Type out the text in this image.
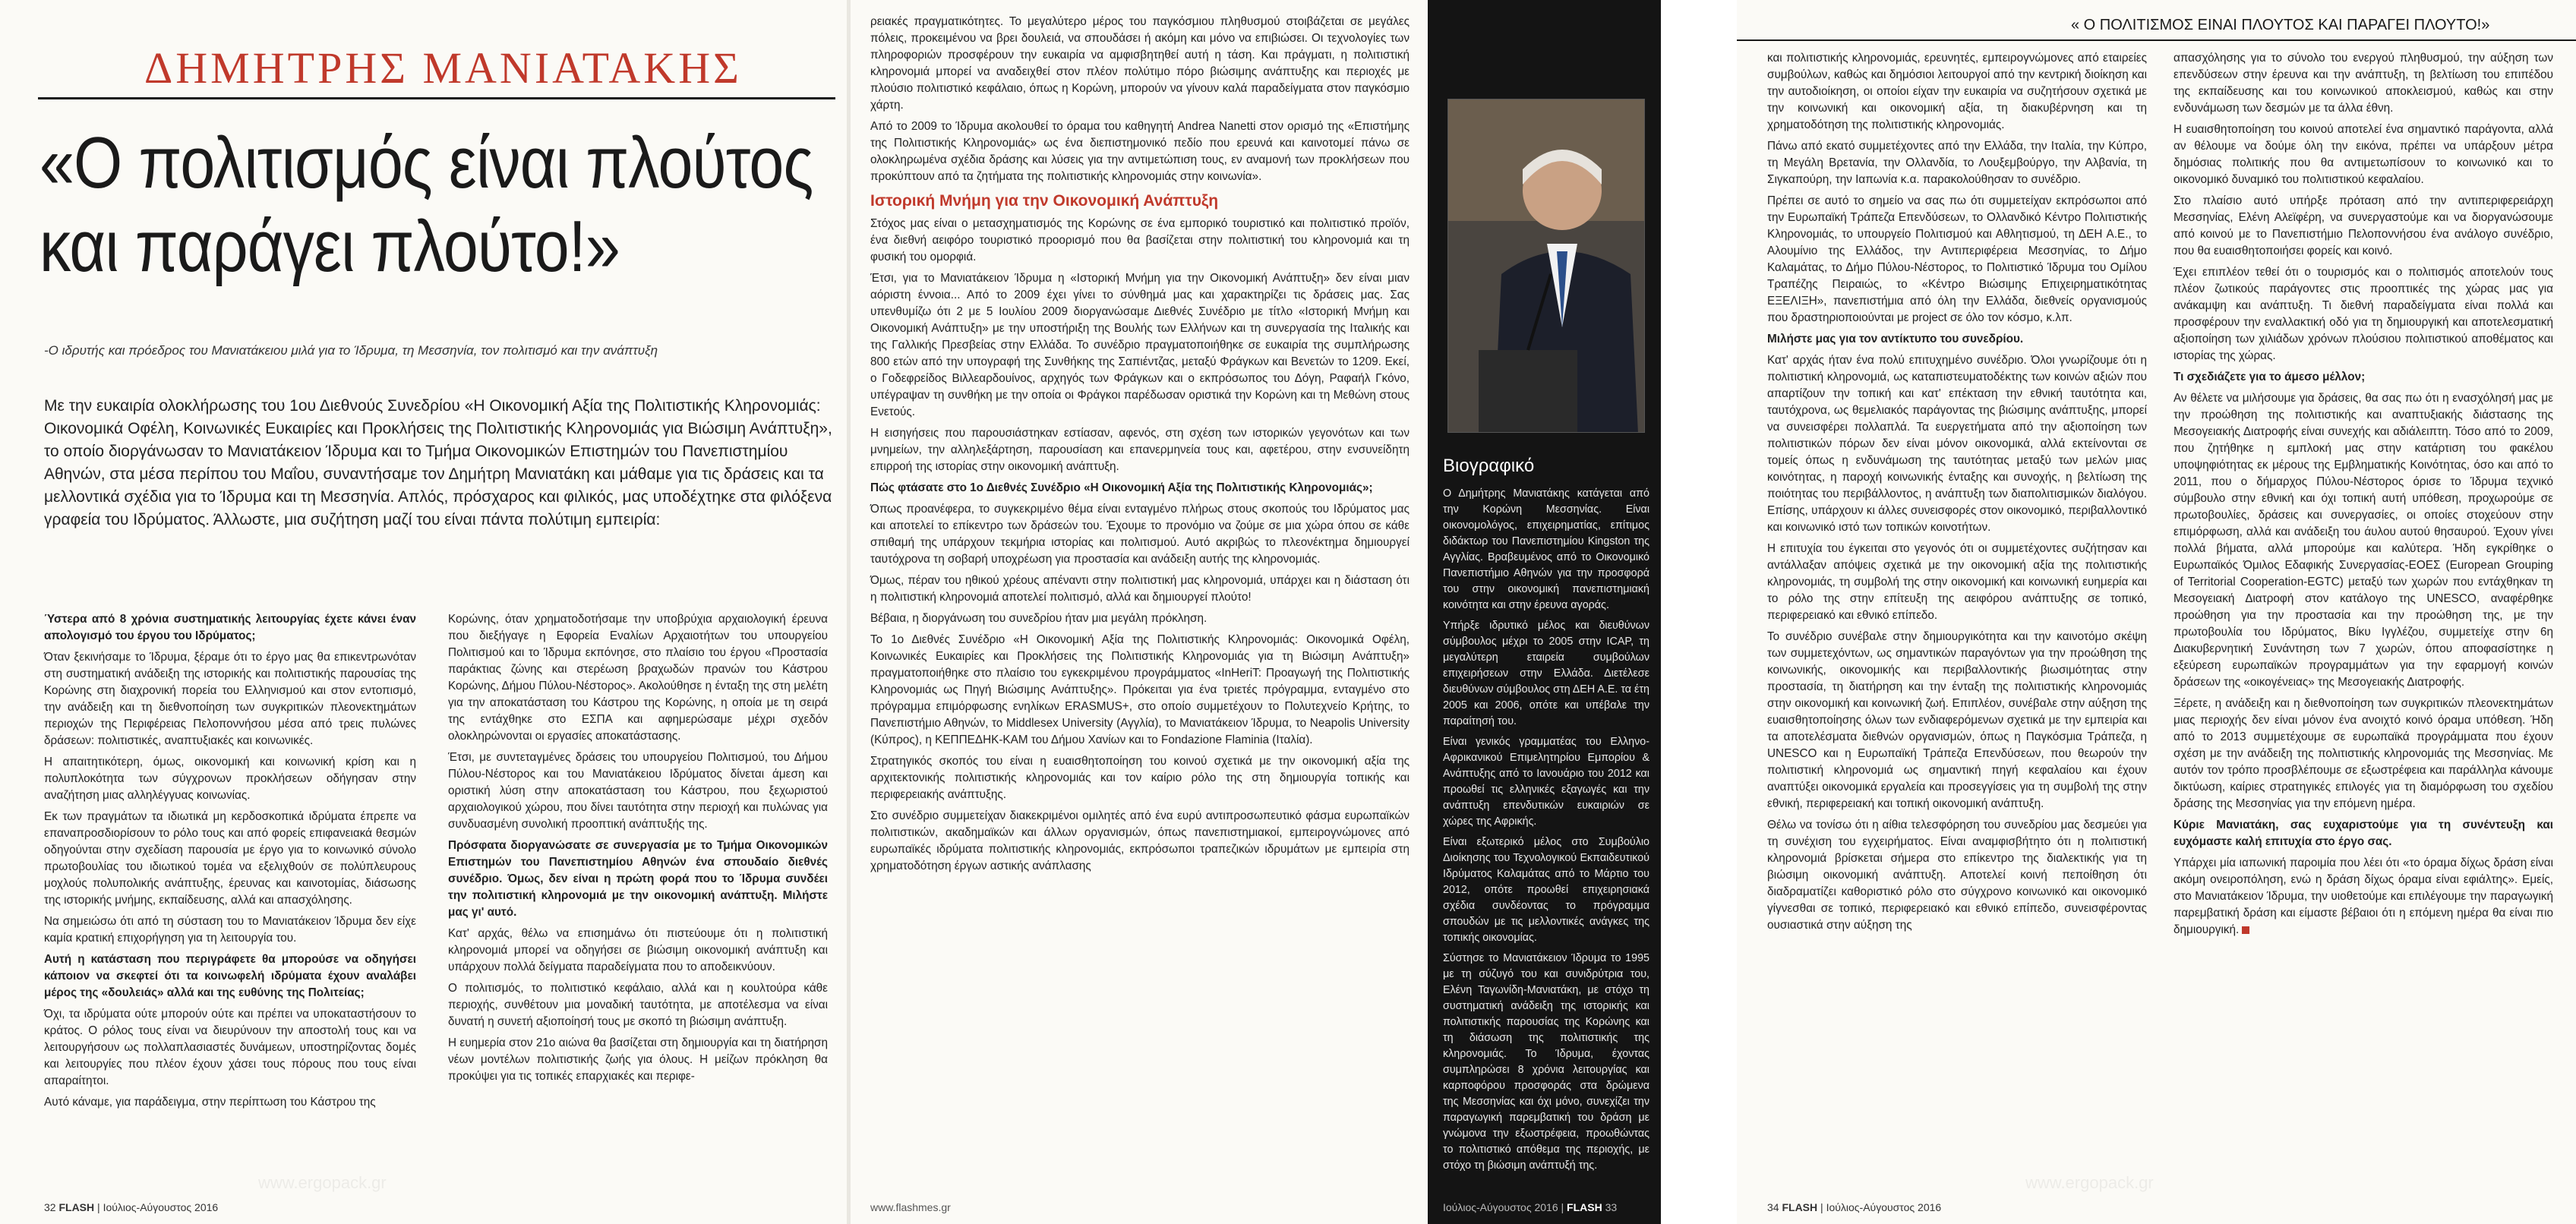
ΔΗΜΗΤΡΗΣ ΜΑΝΙΑΤΑΚΗΣ
«Ο πολιτισμός είναι πλούτος
και παράγει πλούτο!»
-Ο ιδρυτής και πρόεδρος του Μανιατάκειου μιλά για το Ίδρυμα, τη Μεσσηνία, τον πολιτισμό και την ανάπτυξη
Με την ευκαιρία ολοκλήρωσης του 1ου Διεθνούς Συνεδρίου «Η Οικονομική Αξία της Πολιτιστικής Κληρονομιάς: Οικονομικά Οφέλη, Κοινωνικές Ευκαιρίες και Προκλήσεις της Πολιτιστικής Κληρονομιάς για Βιώσιμη Ανάπτυξη», το οποίο διοργάνωσαν το Μανιατάκειον Ίδρυμα και το Τμήμα Οικονομικών Επιστημών του Πανεπιστημίου Αθηνών, στα μέσα περίπου του Μαΐου, συναντήσαμε τον Δημήτρη Μανιατάκη και μάθαμε για τις δράσεις και τα μελλοντικά σχέδια για το Ίδρυμα και τη Μεσσηνία. Απλός, πρόσχαρος και φιλικός, μας υποδέχτηκε στα φιλόξενα γραφεία του Ιδρύματος. Άλλωστε, μια συζήτηση μαζί του είναι πάντα πολύτιμη εμπειρία:

Ύστερα από 8 χρόνια συστηματικής λειτουργίας έχετε κάνει έναν απολογισμό του έργου του Ιδρύματος;

Όταν ξεκινήσαμε το Ίδρυμα, ξέραμε ότι το έργο μας θα επικεντρωνόταν στη συστηματική ανάδειξη της ιστορικής και πολιτιστικής παρουσίας της Κορώνης στη διαχρονική πορεία του Ελληνισμού και στον εντοπισμό, την ανάδειξη και τη διεθνοποίηση των συγκριτικών πλεονεκτημάτων περιοχών της Περιφέρειας Πελοποννήσου μέσα από τρεις πυλώνες δράσεων: πολιτιστικές, αναπτυξιακές και κοινωνικές.

Η απαιτητικότερη, όμως, οικονομική και κοινωνική κρίση και η πολυπλοκότητα των σύγχρονων προκλήσεων οδήγησαν στην αναζήτηση μιας αλληλέγγυας κοινωνίας.

Εκ των πραγμάτων τα ιδιωτικά μη κερδοσκοπικά ιδρύματα έπρεπε να επαναπροσδιορίσουν το ρόλο τους και από φορείς επιφανειακά θεσμών οδηγούνται στην σχεδίαση παρουσία με έργο για το κοινωνικό σύνολο πρωτοβουλίας του ιδιωτικού τομέα να εξελιχθούν σε πολύπλευρους μοχλούς πολυπολικής ανάπτυξης, έρευνας και καινοτομίας, διάσωσης της ιστορικής μνήμης, εκπαίδευσης, αλλά και απασχόλησης.

Να σημειώσω ότι από τη σύσταση του το Μανιατάκειον Ίδρυμα δεν είχε καμία κρατική επιχορήγηση για τη λειτουργία του.

Αυτή η κατάσταση που περιγράφετε θα μπορούσε να οδηγήσει κάποιον να σκεφτεί ότι τα κοινωφελή ιδρύματα έχουν αναλάβει μέρος της «δουλειάς» αλλά και της ευθύνης της Πολιτείας;

Όχι, τα ιδρύματα ούτε μπορούν ούτε και πρέπει να υποκαταστήσουν το κράτος. Ο ρόλος τους είναι να διευρύνουν την αποστολή τους και να λειτουργήσουν ως πολλαπλασιαστές δυνάμεων, υποστηρίζοντας δομές και λειτουργίες που πλέον έχουν χάσει τους πόρους που τους είναι απαραίτητοι.

Αυτό κάναμε, για παράδειγμα, στην περίπτωση του Κάστρου της

Κορώνης, όταν χρηματοδοτήσαμε την υποβρύχια αρχαιολογική έρευνα που διεξήγαγε η Εφορεία Εναλίων Αρχαιοτήτων του υπουργείου Πολιτισμού και το Ίδρυμα εκπόνησε, στο πλαίσιο του έργου «Προστασία παράκτιας ζώνης και στερέωση βραχωδών πρανών του Κάστρου Κορώνης, Δήμου Πύλου-Νέστορος». Ακολούθησε η ένταξη της στη μελέτη για την αποκατάσταση του Κάστρου της Κορώνης, η οποία με τη σειρά της εντάχθηκε στο ΕΣΠΑ και αφημερώσαμε μέχρι σχεδόν ολοκληρώνονται οι εργασίες αποκατάστασης.

Έτσι, με συντεταγμένες δράσεις του υπουργείου Πολιτισμού, του Δήμου Πύλου-Νέστορος και του Μανιατάκειου Ιδρύματος δίνεται άμεση και οριστική λύση στην αποκατάσταση του Κάστρου, που ξεχωριστού αρχαιολογικού χώρου, που δίνει ταυτότητα στην περιοχή και πυλώνας για συνδυασμένη συνολική προοπτική ανάπτυξής της.

Πρόσφατα διοργανώσατε σε συνεργασία με το Τμήμα Οικονομικών Επιστημών του Πανεπιστημίου Αθηνών ένα σπουδαίο διεθνές συνέδριο. Όμως, δεν είναι η πρώτη φορά που το Ίδρυμα συνδέει την πολιτιστική κληρονομιά με την οικονομική ανάπτυξη. Μιλήστε μας γι' αυτό.

Κατ' αρχάς, θέλω να επισημάνω ότι πιστεύουμε ότι η πολιτιστική κληρονομιά μπορεί να οδηγήσει σε βιώσιμη οικονομική ανάπτυξη και υπάρχουν πολλά δείγματα παραδείγματα που το αποδεικνύουν.

Ο πολιτισμός, το πολιτιστικό κεφάλαιο, αλλά και η κουλτούρα κάθε περιοχής, συνθέτουν μια μοναδική ταυτότητα, με αποτέλεσμα να είναι δυνατή η συνετή αξιοποίησή τους με σκοπό τη βιώσιμη ανάπτυξη.

Η ευημερία στον 21ο αιώνα θα βασίζεται στη δημιουργία και τη διατήρηση νέων μοντέλων πολιτιστικής ζωής για όλους. Η μείζων πρόκληση θα προκύψει για τις τοπικές επαρχιακές και περιφε-

www.ergopack.gr
32 FLASH | Ιούλιος-Αύγουστος 2016

ρειακές πραγματικότητες. Το μεγαλύτερο μέρος του παγκόσμιου πληθυσμού στοιβάζεται σε μεγάλες πόλεις, προκειμένου να βρει δουλειά, να σπουδάσει ή ακόμη και μόνο να επιβιώσει. Οι τεχνολογίες των πληροφοριών προσφέρουν την ευκαιρία να αμφισβητηθεί αυτή η τάση. Και πράγματι, η πολιτιστική κληρονομιά μπορεί να αναδειχθεί στον πλέον πολύτιμο πόρο βιώσιμης ανάπτυξης και περιοχές με πλούσιο πολιτιστικό κεφάλαιο, όπως η Κορώνη, μπορούν να γίνουν καλά παραδείγματα στον παγκόσμιο χάρτη.

Από το 2009 το Ίδρυμα ακολουθεί το όραμα του καθηγητή Andrea Nanetti στον ορισμό της «Επιστήμης της Πολιτιστικής Κληρονομιάς» ως ένα διεπιστημονικό πεδίο που ερευνά και καινοτομεί πάνω σε ολοκληρωμένα σχέδια δράσης και λύσεις για την αντιμετώπιση τους, εν αναμονή των προκλήσεων που προκύπτουν από τα ζητήματα της πολιτιστικής κληρονομιάς στην κοινωνία».

Ιστορική Μνήμη για την Οικονομική Ανάπτυξη

Στόχος μας είναι ο μετασχηματισμός της Κορώνης σε ένα εμπορικό τουριστικό και πολιτιστικό προϊόν, ένα διεθνή αειφόρο τουριστικό προορισμό που θα βασίζεται στην πολιτιστική του κληρονομιά και τη φυσική του ομορφιά.

Έτσι, για το Μανιατάκειον Ίδρυμα η «Ιστορική Μνήμη για την Οικονομική Ανάπτυξη» δεν είναι μιαν αόριστη έννοια... Από το 2009 έχει γίνει το σύνθημά μας και χαρακτηρίζει τις δράσεις μας. Σας υπενθυμίζω ότι 2 με 5 Ιουλίου 2009 διοργανώσαμε Διεθνές Συνέδριο με τίτλο «Ιστορική Μνήμη και Οικονομική Ανάπτυξη» με την υποστήριξη της Βουλής των Ελλήνων και τη συνεργασία της Ιταλικής και της Γαλλικής Πρεσβείας στην Ελλάδα. Το συνέδριο πραγματοποιήθηκε σε ευκαιρία της συμπλήρωσης 800 ετών από την υπογραφή της Συνθήκης της Σαπιέντζας, μεταξύ Φράγκων και Βενετών το 1209. Εκεί, ο Γοδεφρείδος Βιλλεαρδουίνος, αρχηγός των Φράγκων και ο εκπρόσωπος του Δόγη, Ραφαήλ Γκόνο, υπέγραψαν τη συνθήκη με την οποία οι Φράγκοι παρέδωσαν οριστικά την Κορώνη και τη Μεθώνη στους Ενετούς.

Η εισηγήσεις που παρουσιάστηκαν εστίασαν, αφενός, στη σχέση των ιστορικών γεγονότων και των μνημείων, την αλληλεξάρτηση, παρουσίαση και επανερμηνεία τους και, αφετέρου, στην ενσυνείδητη επιρροή της ιστορίας στην οικονομική ανάπτυξη.

Πώς φτάσατε στο 1ο Διεθνές Συνέδριο «Η Οικονομική Αξία της Πολιτιστικής Κληρονομιάς»;

Όπως προανέφερα, το συγκεκριμένο θέμα είναι ενταγμένο πλήρως στους σκοπούς του Ιδρύματος μας και αποτελεί το επίκεντρο των δράσεών του. Έχουμε το προνόμιο να ζούμε σε μια χώρα όπου σε κάθε σπιθαμή της υπάρχουν τεκμήρια ιστορίας και πολιτισμού. Αυτό ακριβώς το πλεονέκτημα δημιουργεί ταυτόχρονα τη σοβαρή υποχρέωση για προστασία και ανάδειξη αυτής της κληρονομιάς.

Όμως, πέραν του ηθικού χρέους απέναντι στην πολιτιστική μας κληρονομιά, υπάρχει και η διάσταση ότι η πολιτιστική κληρονομιά αποτελεί πολιτισμό, αλλά και δημιουργεί πλούτο!

Βέβαια, η διοργάνωση του συνεδρίου ήταν μια μεγάλη πρόκληση.

Το 1ο Διεθνές Συνέδριο «Η Οικονομική Αξία της Πολιτιστικής Κληρονομιάς: Οικονομικά Οφέλη, Κοινωνικές Ευκαιρίες και Προκλήσεις της Πολιτιστικής Κληρονομιάς για τη Βιώσιμη Ανάπτυξη» πραγματοποιήθηκε στο πλαίσιο του εγκεκριμένου προγράμματος «InHeriT: Προαγωγή της Πολιτιστικής Κληρονομιάς ως Πηγή Βιώσιμης Ανάπτυξης». Πρόκειται για ένα τριετές πρόγραμμα, ενταγμένο στο πρόγραμμα επιμόρφωσης ενηλίκων ERASMUS+, στο οποίο συμμετέχουν το Πολυτεχνείο Κρήτης, το Πανεπιστήμιο Αθηνών, το Middlesex University (Αγγλία), το Μανιατάκειον Ίδρυμα, το Neapolis University (Κύπρος), η ΚΕΠΠΕΔΗΚ-ΚΑΜ του Δήμου Χανίων και το Fondazione Flaminia (Ιταλία).

Στρατηγικός σκοπός του είναι η ευαισθητοποίηση του κοινού σχετικά με την οικονομική αξία της αρχιτεκτονικής πολιτιστικής κληρονομιάς και τον καίριο ρόλο της στη δημιουργία τοπικής και περιφερειακής ανάπτυξης.

Στο συνέδριο συμμετείχαν διακεκριμένοι ομιλητές από ένα ευρύ αντιπροσωπευτικό φάσμα ευρωπαϊκών πολιτιστικών, ακαδημαϊκών και άλλων οργανισμών, όπως πανεπιστημιακοί, εμπειρογνώμονες από ευρωπαϊκές ιδρύματα πολιτιστικής κληρονομιάς, εκπρόσωποι τραπεζικών ιδρυμάτων με εμπειρία στη χρηματοδότηση έργων αστικής ανάπλασης

Βιογραφικό

Ο Δημήτρης Μανιατάκης κατάγεται από την Κορώνη Μεσσηνίας. Είναι οικονομολόγος, επιχειρηματίας, επίτιμος διδάκτωρ του Πανεπιστημίου Kingston της Αγγλίας. Βραβευμένος από το Οικονομικό Πανεπιστήμιο Αθηνών για την προσφορά του στην οικονομική πανεπιστημιακή κοινότητα και στην έρευνα αγοράς.

Υπήρξε ιδρυτικό μέλος και διευθύνων σύμβουλος μέχρι το 2005 στην ICAP, τη μεγαλύτερη εταιρεία συμβούλων επιχειρήσεων στην Ελλάδα. Διετέλεσε διευθύνων σύμβουλος στη ΔΕΗ Α.Ε. τα έτη 2005 και 2006, οπότε και υπέβαλε την παραίτησή του.

Είναι γενικός γραμματέας του Ελληνο-Αφρικανικού Επιμελητηρίου Εμπορίου & Ανάπτυξης από το Ιανουάριο του 2012 και προωθεί τις ελληνικές εξαγωγές και την ανάπτυξη επενδυτικών ευκαιριών σε χώρες της Αφρικής.

Είναι εξωτερικό μέλος στο Συμβούλιο Διοίκησης του Τεχνολογικού Εκπαιδευτικού Ιδρύματος Καλαμάτας από το Μάρτιο του 2012, οπότε προωθεί επιχειρησιακά σχέδια συνδέοντας το πρόγραμμα σπουδών με τις μελλοντικές ανάγκες της τοπικής οικονομίας.

Σύστησε το Μανιατάκειον Ίδρυμα το 1995 με τη σύζυγό του και συνιδρύτρια του, Ελένη Ταγωνίδη-Μανιατάκη, με στόχο τη συστηματική ανάδειξη της ιστορικής και πολιτιστικής παρουσίας της Κορώνης και τη διάσωση της πολιτιστικής της κληρονομιάς. Το Ίδρυμα, έχοντας συμπληρώσει 8 χρόνια λειτουργίας και καρποφόρου προσφοράς στα δρώμενα της Μεσσηνίας και όχι μόνο, συνεχίζει την παραγωγική παρεμβατική του δράση με γνώμονα την εξωστρέφεια, προωθώντας το πολιτιστικό απόθεμα της περιοχής, με στόχο τη βιώσιμη ανάπτυξή της.

Ιούλιος-Αύγουστος 2016 | FLASH 33
www.flashmes.gr
« Ο ΠΟΛΙΤΙΣΜΟΣ ΕΙΝΑΙ ΠΛΟΥΤΟΣ ΚΑΙ ΠΑΡΑΓΕΙ ΠΛΟΥΤΟ!»

και πολιτιστικής κληρονομιάς, ερευνητές, εμπειρογνώμονες από εταιρείες συμβούλων, καθώς και δημόσιοι λειτουργοί από την κεντρική διοίκηση και την αυτοδιοίκηση, οι οποίοι είχαν την ευκαιρία να συζητήσουν σχετικά με την κοινωνική και οικονομική αξία, τη διακυβέρνηση και τη χρηματοδότηση της πολιτιστικής κληρονομιάς.

Πάνω από εκατό συμμετέχοντες από την Ελλάδα, την Ιταλία, την Κύπρο, τη Μεγάλη Βρετανία, την Ολλανδία, το Λουξεμβούργο, την Αλβανία, τη Σιγκαπούρη, την Ιαπωνία κ.α. παρακολούθησαν το συνέδριο.

Πρέπει σε αυτό το σημείο να σας πω ότι συμμετείχαν εκπρόσωποι από την Ευρωπαϊκή Τράπεζα Επενδύσεων, το Ολλανδικό Κέντρο Πολιτιστικής Κληρονομιάς, το υπουργείο Πολιτισμού και Αθλητισμού, τη ΔΕΗ Α.Ε., το Αλουμίνιο της Ελλάδος, την Αντιπεριφέρεια Μεσσηνίας, το Δήμο Καλαμάτας, το Δήμο Πύλου-Νέστορος, το Πολιτιστικό Ίδρυμα του Ομίλου Τραπέζης Πειραιώς, το «Κέντρο Βιώσιμης Επιχειρηματικότητας ΕΞΕΛΙΞΗ», πανεπιστήμια από όλη την Ελλάδα, διεθνείς οργανισμούς που δραστηριοποιούνται με project σε όλο τον κόσμο, κ.λπ.

Μιλήστε μας για τον αντίκτυπο του συνεδρίου.

Κατ' αρχάς ήταν ένα πολύ επιτυχημένο συνέδριο. Όλοι γνωρίζουμε ότι η πολιτιστική κληρονομιά, ως καταπιστευματοδέκτης των κοινών αξιών που απαρτίζουν την τοπική και κατ' επέκταση την εθνική ταυτότητα και, ταυτόχρονα, ως θεμελιακός παράγοντας της βιώσιμης ανάπτυξης, μπορεί να συνεισφέρει πολλαπλά. Τα ευεργετήματα από την αξιοποίηση των πολιτιστικών πόρων δεν είναι μόνον οικονομικά, αλλά εκτείνονται σε τομείς όπως η ενδυνάμωση της ταυτότητας μεταξύ των μελών μιας κοινότητας, η παροχή κοινωνικής ένταξης και συνοχής, η βελτίωση της ποιότητας του περιβάλλοντος, η ανάπτυξη των διαπολιτισμικών διαλόγου. Επίσης, υπάρχουν κι άλλες συνεισφορές στον οικονομικό, περιβαλλοντικό και κοινωνικό ιστό των τοπικών κοινοτήτων.

Η επιτυχία του έγκειται στο γεγονός ότι οι συμμετέχοντες συζήτησαν και αντάλλαξαν απόψεις σχετικά με την οικονομική αξία της πολιτιστικής κληρονομιάς, τη συμβολή της στην οικονομική και κοινωνική ευημερία και το ρόλο της στην επίτευξη της αειφόρου ανάπτυξης σε τοπικό, περιφερειακό και εθνικό επίπεδο.

Το συνέδριο συνέβαλε στην δημιουργικότητα και την καινοτόμο σκέψη των συμμετεχόντων, ως σημαντικών παραγόντων για την προώθηση της κοινωνικής, οικονομικής και περιβαλλοντικής βιωσιμότητας στην προστασία, τη διατήρηση και την ένταξη της πολιτιστικής κληρονομιάς στην οικονομική και κοινωνική ζωή. Επιπλέον, συνέβαλε στην αύξηση της ευαισθητοποίησης όλων των ενδιαφερόμενων σχετικά με την εμπειρία και τα αποτελέσματα διεθνών οργανισμών, όπως η Παγκόσμια Τράπεζα, η UNESCO και η Ευρωπαϊκή Τράπεζα Επενδύσεων, που θεωρούν την πολιτιστική κληρονομιά ως σημαντική πηγή κεφαλαίου και έχουν αναπτύξει οικονομικά εργαλεία και προσεγγίσεις για τη συμβολή της στην εθνική, περιφερειακή και τοπική οικονομική ανάπτυξη.

Θέλω να τονίσω ότι η αίθια τελεσφόρηση του συνεδρίου μας δεσμεύει για τη συνέχιση του εγχειρήματος. Είναι αναμφισβήτητο ότι η πολιτιστική κληρονομιά βρίσκεται σήμερα στο επίκεντρο της διαλεκτικής για τη βιώσιμη οικονομική ανάπτυξη. Αποτελεί κοινή πεποίθηση ότι διαδραματίζει καθοριστικό ρόλο στο σύγχρονο κοινωνικό και οικονομικό γίγνεσθαι σε τοπικό, περιφερειακό και εθνικό επίπεδο, συνεισφέροντας ουσιαστικά στην αύξηση της

απασχόλησης για το σύνολο του ενεργού πληθυσμού, την αύξηση των επενδύσεων στην έρευνα και την ανάπτυξη, τη βελτίωση του επιπέδου της εκπαίδευσης και του κοινωνικού αποκλεισμού, καθώς και στην ενδυνάμωση των δεσμών με τα άλλα έθνη.

Η ευαισθητοποίηση του κοινού αποτελεί ένα σημαντικό παράγοντα, αλλά αν θέλουμε να δούμε όλη την εικόνα, πρέπει να υπάρξουν μέτρα δημόσιας πολιτικής που θα αντιμετωπίσουν το κοινωνικό και το οικονομικό δυναμικό του πολιτιστικού κεφαλαίου.

Στο πλαίσιο αυτό υπήρξε πρόταση από την αντιπεριφερειάρχη Μεσσηνίας, Ελένη Αλεϊφέρη, να συνεργαστούμε και να διοργανώσουμε από κοινού με το Πανεπιστήμιο Πελοποννήσου ένα ανάλογο συνέδριο, που θα ευαισθητοποιήσει φορείς και κοινό.

Έχει επιπλέον τεθεί ότι ο τουρισμός και ο πολιτισμός αποτελούν τους πλέον ζωτικούς παράγοντες στις προοπτικές της χώρας μας για ανάκαμψη και ανάπτυξη. Τι διεθνή παραδείγματα είναι πολλά και προσφέρουν την εναλλακτική οδό για τη δημιουργική και αποτελεσματική αξιοποίηση των χιλιάδων χρόνων πλούσιου πολιτιστικού αποθέματος και ιστορίας της χώρας.

Τι σχεδιάζετε για το άμεσο μέλλον;

Αν θέλετε να μιλήσουμε για δράσεις, θα σας πω ότι η ενασχόλησή μας με την προώθηση της πολιτιστικής και αναπτυξιακής διάστασης της Μεσογειακής Διατροφής είναι συνεχής και αδιάλειπτη. Τόσο από το 2009, που ζητήθηκε η εμπλοκή μας στην κατάρτιση του φακέλου υποψηφιότητας εκ μέρους της Εμβληματικής Κοινότητας, όσο και από το 2011, που ο δήμαρχος Πύλου-Νέστορος όρισε το Ίδρυμα τεχνικό σύμβουλο στην εθνική και όχι τοπική αυτή υπόθεση, προχωρούμε σε πρωτοβουλίες, δράσεις και συνεργασίες, οι οποίες στοχεύουν στην επιμόρφωση, αλλά και ανάδειξη του άυλου αυτού θησαυρού. Έχουν γίνει πολλά βήματα, αλλά μπορούμε και καλύτερα. Ήδη εγκρίθηκε ο Ευρωπαϊκός Όμιλος Εδαφικής Συνεργασίας-ΕΟΕΣ (European Grouping of Territorial Cooperation-EGTC) μεταξύ των χωρών που εντάχθηκαν τη Μεσογειακή Διατροφή στον κατάλογο της UNESCO, αναφέρθηκε προώθηση για την προστασία και την προώθηση της, με την πρωτοβουλία του Ιδρύματος, Βίκυ Ιγγλέζου, συμμετείχε στην 6η Διακυβερνητική Συνάντηση των 7 χωρών, όπου αποφασίστηκε η εξεύρεση ευρωπαϊκών προγραμμάτων για την εφαρμογή κοινών δράσεων της «οικογένειας» της Μεσογειακής Διατροφής.

Ξέρετε, η ανάδειξη και η διεθνοποίηση των συγκριτικών πλεονεκτημάτων μιας περιοχής δεν είναι μόνον ένα ανοιχτό κοινό όραμα υπόθεση. Ήδη από το 2013 συμμετέχουμε σε ευρωπαϊκά προγράμματα που έχουν σχέση με την ανάδειξη της πολιτιστικής κληρονομιάς της Μεσσηνίας. Με αυτόν τον τρόπο προσβλέπουμε σε εξωστρέφεια και παράλληλα κάνουμε δικτύωση, καίριες στρατηγικές επιλογές για τη διαμόρφωση του σχεδίου δράσης της Μεσσηνίας για την επόμενη ημέρα.

Κύριε Μανιατάκη, σας ευχαριστούμε για τη συνέντευξη και ευχόμαστε καλή επιτυχία στο έργο σας.

Υπάρχει μία ιαπωνική παροιμία που λέει ότι «το όραμα δίχως δράση είναι ακόμη ονειροπόληση, ενώ η δράση δίχως όραμα είναι εφιάλτης». Εμείς, στο Μανιατάκειον Ίδρυμα, την υιοθετούμε και επιλέγουμε την παραγωγική παρεμβατική δράση και είμαστε βέβαιοι ότι η επόμενη ημέρα θα είναι πιο δημιουργική.

www.ergopack.gr
34 FLASH | Ιούλιος-Αύγουστος 2016
